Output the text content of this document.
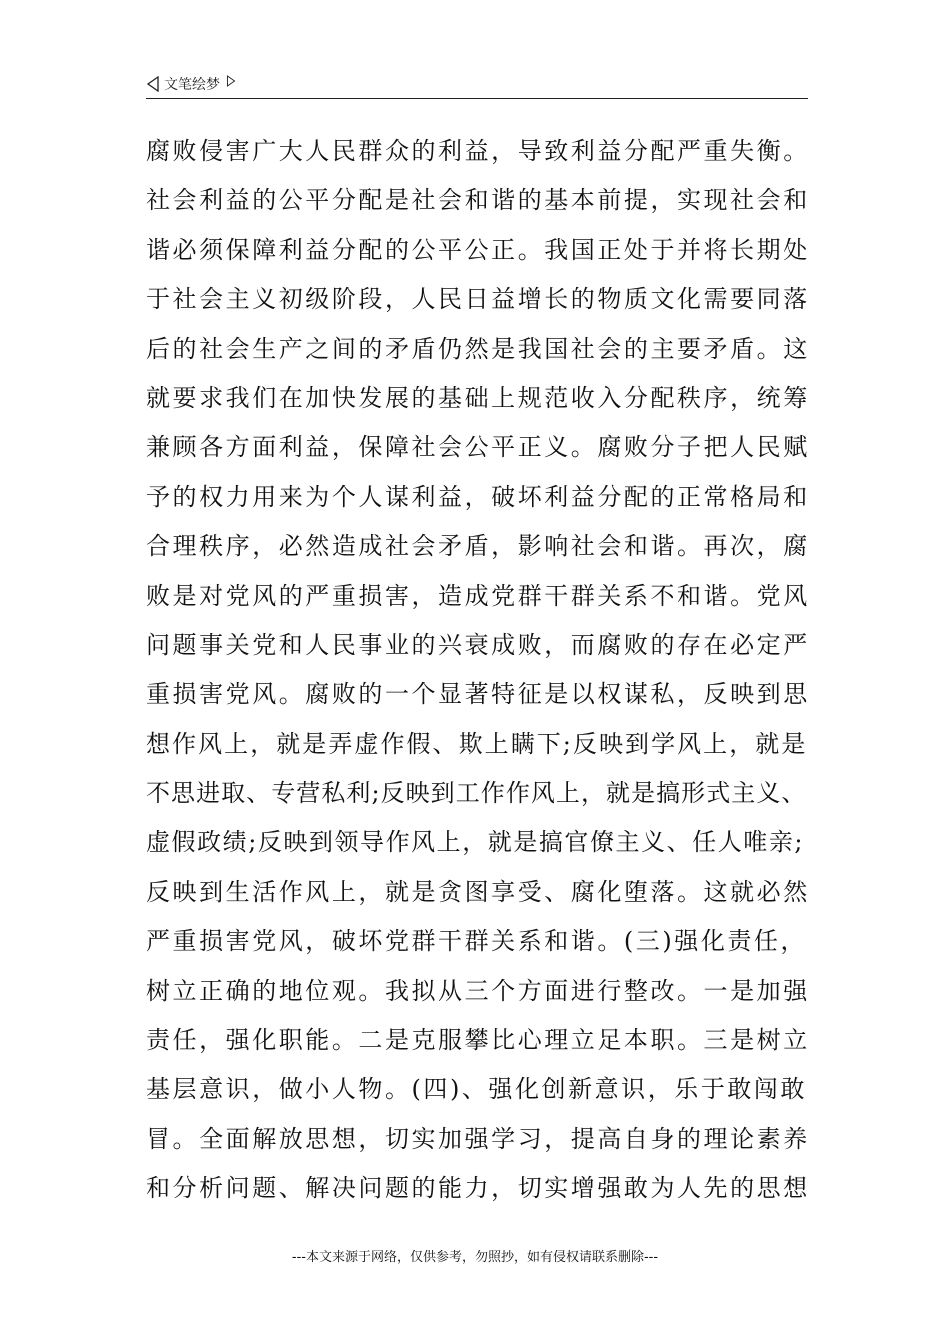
文笔绘梦
腐败侵害广大人民群众的利益，导致利益分配严重失衡。
社会利益的公平分配是社会和谐的基本前提，实现社会和
谐必须保障利益分配的公平公正。我国正处于并将长期处
于社会主义初级阶段，人民日益增长的物质文化需要同落
后的社会生产之间的矛盾仍然是我国社会的主要矛盾。这
就要求我们在加快发展的基础上规范收入分配秩序，统筹
兼顾各方面利益，保障社会公平正义。腐败分子把人民赋
予的权力用来为个人谋利益，破坏利益分配的正常格局和
合理秩序，必然造成社会矛盾，影响社会和谐。再次，腐
败是对党风的严重损害，造成党群干群关系不和谐。党风
问题事关党和人民事业的兴衰成败，而腐败的存在必定严
重损害党风。腐败的一个显著特征是以权谋私，反映到思
想作风上，就是弄虚作假、欺上瞒下;反映到学风上，就是
不思进取、专营私利;反映到工作作风上，就是搞形式主义、
虚假政绩;反映到领导作风上，就是搞官僚主义、任人唯亲;
反映到生活作风上，就是贪图享受、腐化堕落。这就必然
严重损害党风，破坏党群干群关系和谐。(三)强化责任，
树立正确的地位观。我拟从三个方面进行整改。一是加强
责任，强化职能。二是克服攀比心理立足本职。三是树立
基层意识，做小人物。(四)、强化创新意识，乐于敢闯敢
冒。全面解放思想，切实加强学习，提高自身的理论素养
和分析问题、解决问题的能力，切实增强敢为人先的思想
---本文来源于网络，仅供参考，勿照抄，如有侵权请联系删除---
